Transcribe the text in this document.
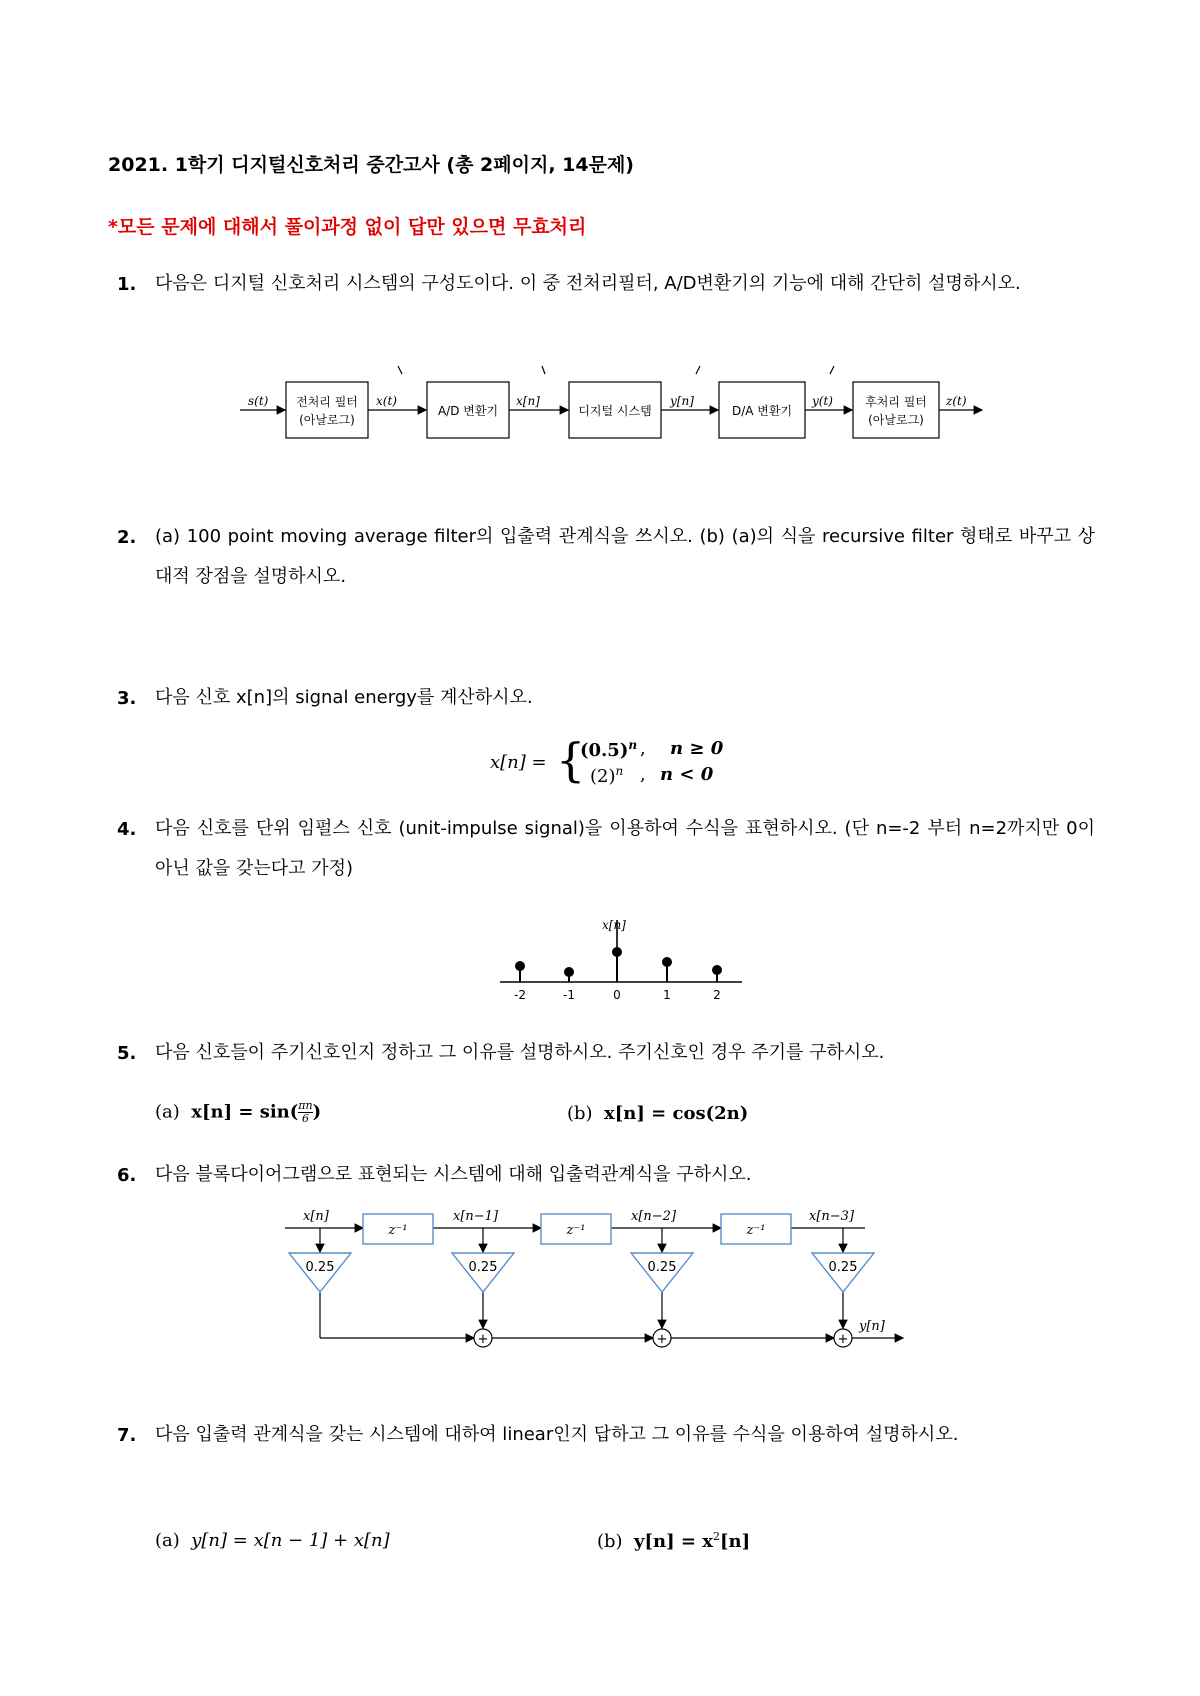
2021. 1학기 디지털신호처리 중간고사 (총 2페이지, 14문제)
*모든 문제에 대해서 풀이과정 없이 답만 있으면 무효처리
1. 다음은 디지털 신호처리 시스템의 구성도이다. 이 중 전처리필터, A/D변환기의 기능에 대해 간단히 설명하시오.
s(t)	x(t)	x[n]	y[n]	y(t)	z(t)
전처리 필터
(아날로그)
A/D 변환기	디지털 시스템	D/A 변환기
후처리 필터
(아날로그)
2. (a) 100 point moving average filter의 입출력 관계식을 쓰시오. (b) (a)의 식을 recursive filter 형태로 바꾸고 상대적 장점을 설명하시오.
3. 다음 신호 x[n]의 signal energy를 계산하시오.
x[n] = {
$(0.5)^n$ , n ≥ 0
$(2)^n$ , n < 0
4. 다음 신호를 단위 임펄스 신호 (unit-impulse signal)을 이용하여 수식을 표현하시오. (단 n=-2 부터 n=2까지만 0이 아닌 값을 갖는다고 가정)
x[n]
-2	-1	0	1	2
5. 다음 신호들이 주기신호인지 정하고 그 이유를 설명하시오. 주기신호인 경우 주기를 구하시오.
(a) $x[n] = \sin( \frac{\pi n}{6}$ )	(b) x[n] = cos(2n)
6. 다음 블록다이어그램으로 표현되는 시스템에 대해 입출력관계식을 구하시오.
+	+	+
z⁻¹	z⁻¹	z⁻¹
0.25	0.25	0.25	0.25
x[n]	x[n−1]	x[n−2]	x[n−3]
y[n]
7. 다음 입출력 관계식을 갖는 시스템에 대하여 linear인지 답하고 그 이유를 수식을 이용하여 설명하시오.
(a) y[n] = x[n − 1] + x[n]	(b) $y[n] = x^2[n]$
